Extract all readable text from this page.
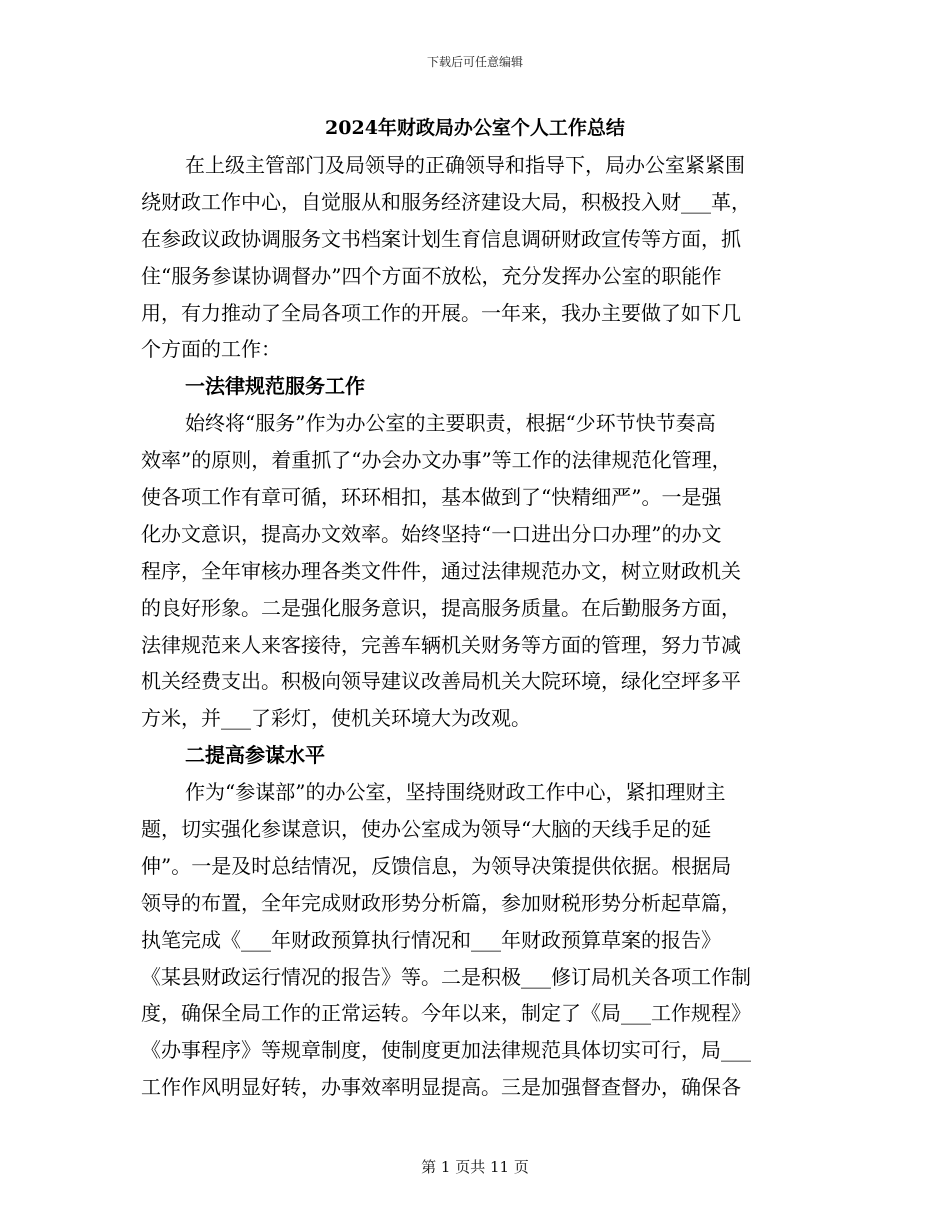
下载后可任意编辑
2024年财政局办公室个人工作总结
在上级主管部门及局领导的正确领导和指导下，局办公室紧紧围
绕财政工作中心，自觉服从和服务经济建设大局，积极投入财___革，
在参政议政协调服务文书档案计划生育信息调研财政宣传等方面，抓
住“服务参谋协调督办”四个方面不放松，充分发挥办公室的职能作
用，有力推动了全局各项工作的开展。一年来，我办主要做了如下几
个方面的工作：
一法律规范服务工作
始终将“服务”作为办公室的主要职责，根据“少环节快节奏高
效率”的原则，着重抓了“办会办文办事”等工作的法律规范化管理，
使各项工作有章可循，环环相扣，基本做到了“快精细严”。一是强
化办文意识，提高办文效率。始终坚持“一口进出分口办理”的办文
程序，全年审核办理各类文件件，通过法律规范办文，树立财政机关
的良好形象。二是强化服务意识，提高服务质量。在后勤服务方面，
法律规范来人来客接待，完善车辆机关财务等方面的管理，努力节减
机关经费支出。积极向领导建议改善局机关大院环境，绿化空坪多平
方米，并___了彩灯，使机关环境大为改观。
二提高参谋水平
作为“参谋部”的办公室，坚持围绕财政工作中心，紧扣理财主
题，切实强化参谋意识，使办公室成为领导“大脑的天线手足的延
伸”。一是及时总结情况，反馈信息，为领导决策提供依据。根据局
领导的布置，全年完成财政形势分析篇，参加财税形势分析起草篇，
执笔完成《___年财政预算执行情况和___年财政预算草案的报告》
《某县财政运行情况的报告》等。二是积极___修订局机关各项工作制
度，确保全局工作的正常运转。今年以来，制定了《局___工作规程》
《办事程序》等规章制度，使制度更加法律规范具体切实可行，局___
工作作风明显好转，办事效率明显提高。三是加强督查督办，确保各
第 1 页共 11 页
